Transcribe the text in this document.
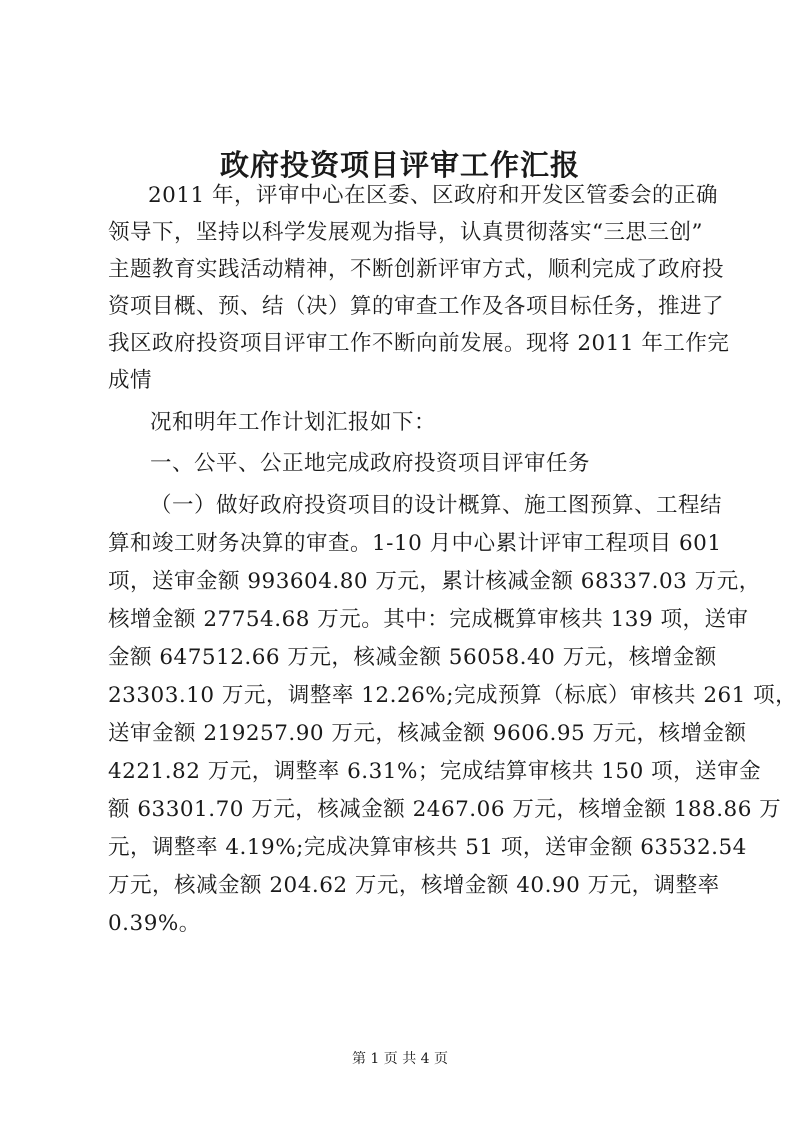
政府投资项目评审工作汇报
2011 年，评审中心在区委、区政府和开发区管委会的正确
领导下，坚持以科学发展观为指导，认真贯彻落实“三思三创”
主题教育实践活动精神，不断创新评审方式，顺利完成了政府投
资项目概、预、结（决）算的审查工作及各项目标任务，推进了
我区政府投资项目评审工作不断向前发展。现将 2011 年工作完
成情
况和明年工作计划汇报如下：
一、公平、公正地完成政府投资项目评审任务
（一）做好政府投资项目的设计概算、施工图预算、工程结
算和竣工财务决算的审查。1-10 月中心累计评审工程项目 601
项，送审金额 993604.80 万元，累计核减金额 68337.03 万元，
核增金额 27754.68 万元。其中：完成概算审核共 139 项，送审
金额 647512.66 万元，核减金额 56058.40 万元，核增金额
23303.10 万元，调整率 12.26%;完成预算（标底）审核共 261 项，
送审金额 219257.90 万元，核减金额 9606.95 万元，核增金额
4221.82 万元，调整率 6.31%；完成结算审核共 150 项，送审金
额 63301.70 万元，核减金额 2467.06 万元，核增金额 188.86 万
元，调整率 4.19%;完成决算审核共 51 项，送审金额 63532.54
万元，核减金额 204.62 万元，核增金额 40.90 万元，调整率
0.39%。
第 1 页 共 4 页
